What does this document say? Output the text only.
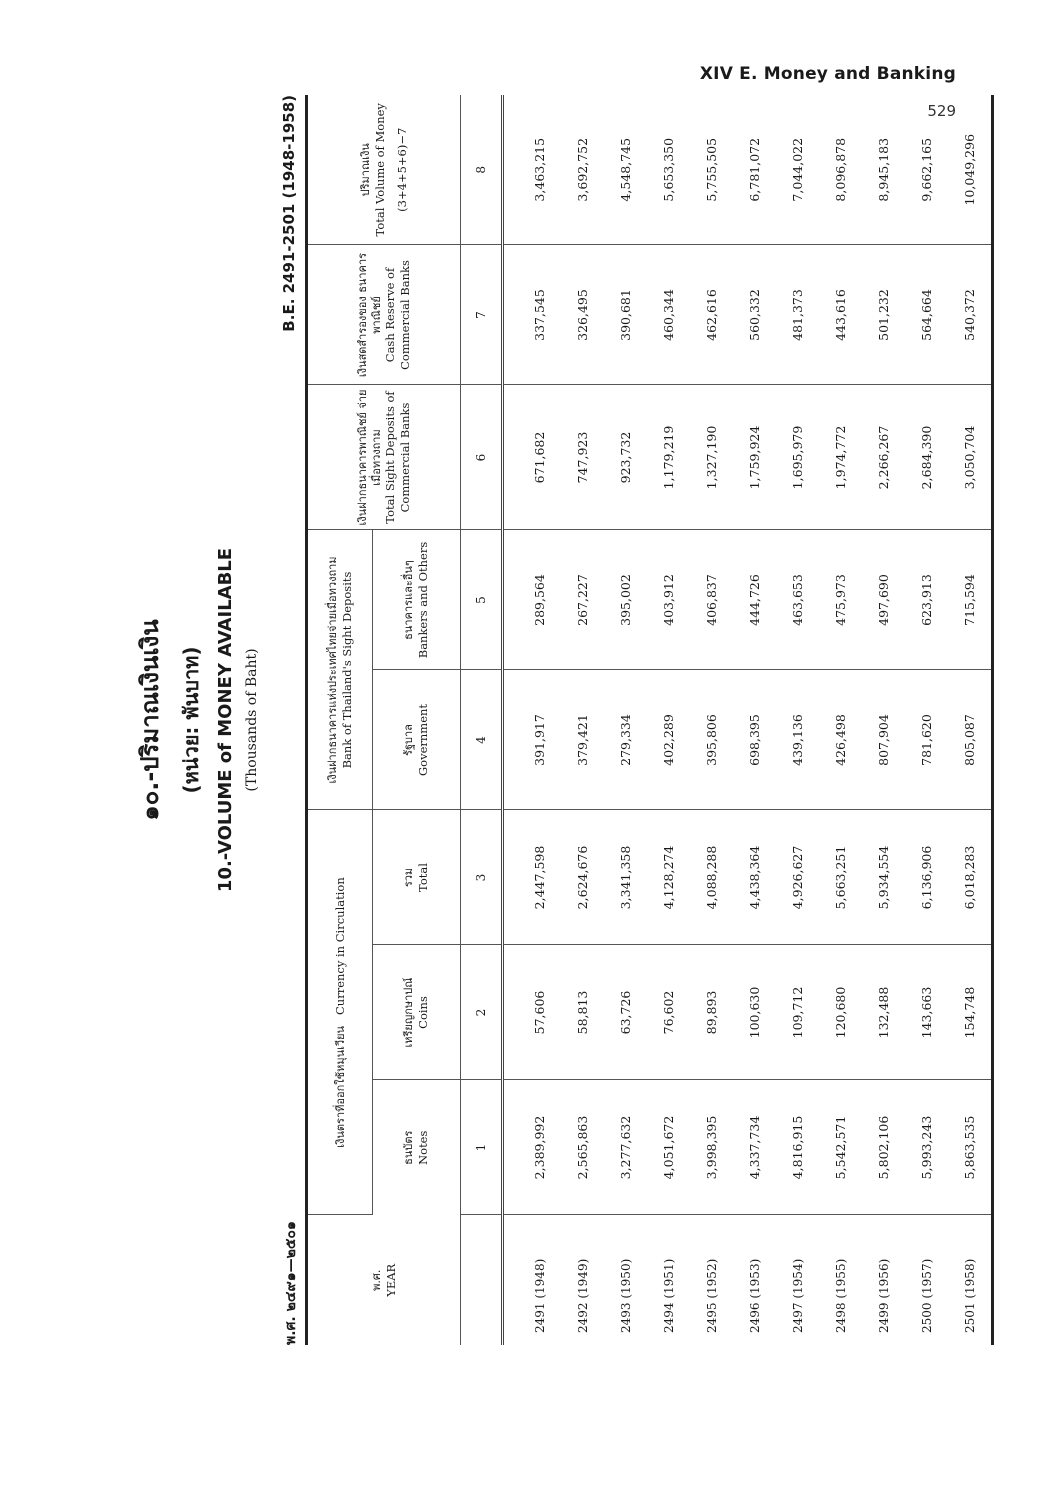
XIV E. Money and Banking
529
๑๐.-ปริมาณเงินเงิน (หน่วย: พันบาท) 10.-VOLUME of MONEY AVAILABLE (Thousands of Baht)
พ.ศ. ๒๔๙๑—๒๕๐๑
B.E. 2491-2501 (1948-1958)
พ.ศ. YEAR	เงินตราที่ออกใช้หมุนเวียน   Currency in Circulation			เงินฝากธนาคารแห่งประเทศไทยจ่ายเมื่อทวงถาม Bank of Thailand's Sight Deposits		เงินฝากธนาคารพาณิชย์ จ่ายเมื่อทวงถาม Total Sight Deposits of Commercial Banks	เงินสดสำรองของ ธนาคารพาณิชย์ Cash Reserve of Commercial Banks	ปริมาณเงิน Total Volume of Money (3+4+5+6)−7

	ธนบัตร Notes	เหรียญกษาปณ์ Coins	รวม Total	รัฐบาล Government	ธนาคารและอื่นๆ Bankers and Others			

	1	2	3	4	5	6	7	8
2491 (1948)	2,389,992	57,606	2,447,598	391,917	289,564	671,682	337,545	3,463,215
2492 (1949)	2,565,863	58,813	2,624,676	379,421	267,227	747,923	326,495	3,692,752
2493 (1950)	3,277,632	63,726	3,341,358	279,334	395,002	923,732	390,681	4,548,745
2494 (1951)	4,051,672	76,602	4,128,274	402,289	403,912	1,179,219	460,344	5,653,350
2495 (1952)	3,998,395	89,893	4,088,288	395,806	406,837	1,327,190	462,616	5,755,505
2496 (1953)	4,337,734	100,630	4,438,364	698,395	444,726	1,759,924	560,332	6,781,072
2497 (1954)	4,816,915	109,712	4,926,627	439,136	463,653	1,695,979	481,373	7,044,022
2498 (1955)	5,542,571	120,680	5,663,251	426,498	475,973	1,974,772	443,616	8,096,878
2499 (1956)	5,802,106	132,488	5,934,554	807,904	497,690	2,266,267	501,232	8,945,183
2500 (1957)	5,993,243	143,663	6,136,906	781,620	623,913	2,684,390	564,664	9,662,165
2501 (1958)	5,863,535	154,748	6,018,283	805,087	715,594	3,050,704	540,372	10,049,296
